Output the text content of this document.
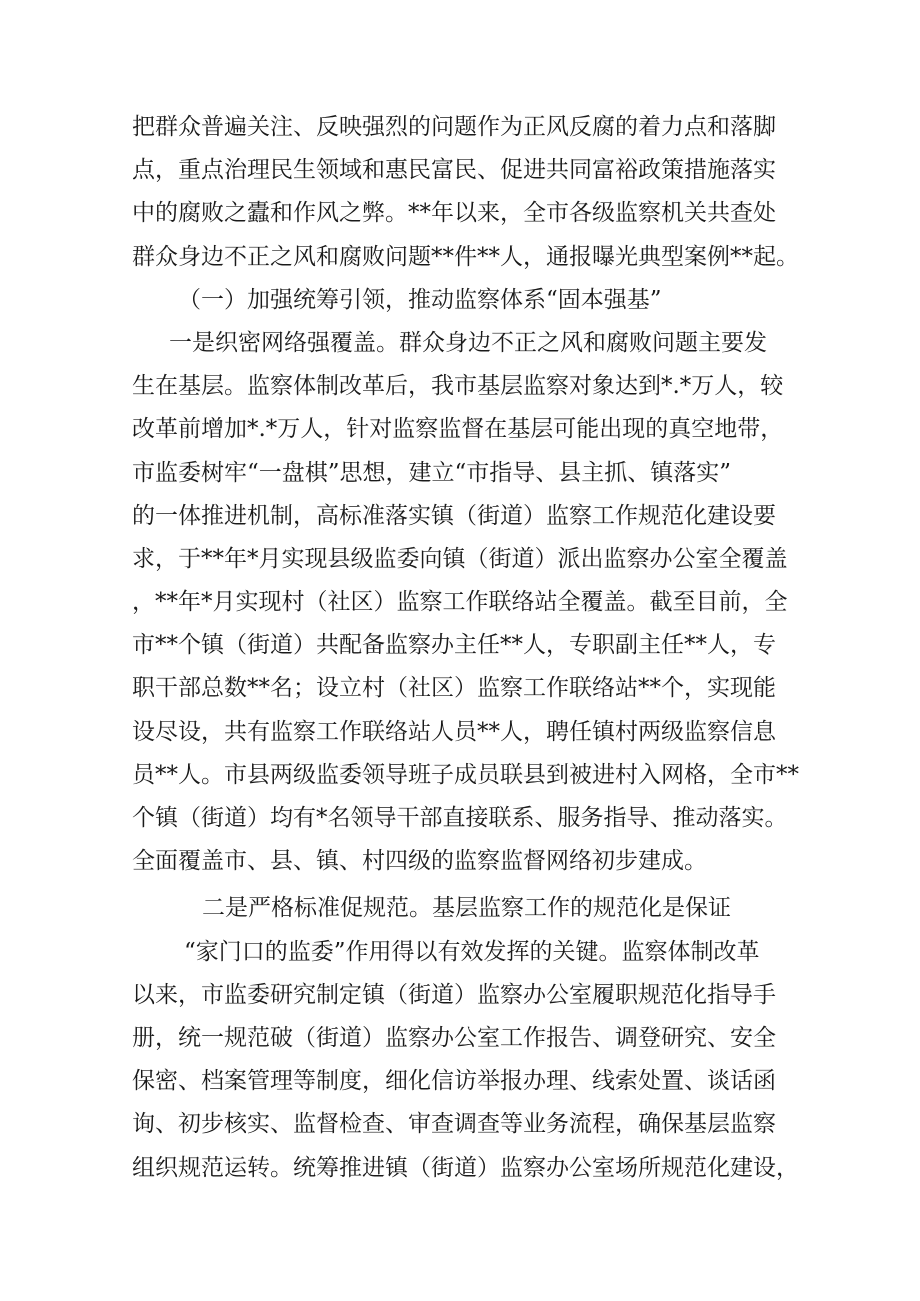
把群众普遍关注、反映强烈的问题作为正风反腐的着力点和落脚

点，重点治理民生领域和惠民富民、促进共同富裕政策措施落实

中的腐败之蠹和作风之弊。**年以来，全市各级监察机关共查处

群众身边不正之风和腐败问题**件**人，通报曝光典型案例**起。

（一）加强统筹引领，推动监察体系“固本强基”

一是织密网络强覆盖。群众身边不正之风和腐败问题主要发

生在基层。监察体制改革后，我市基层监察对象达到*.*万人，较

改革前增加*.*万人，针对监察监督在基层可能出现的真空地带，

市监委树牢“一盘棋”思想，建立“市指导、县主抓、镇落实”

的一体推进机制，高标准落实镇（街道）监察工作规范化建设要

求，于**年*月实现县级监委向镇（街道）派出监察办公室全覆盖

，**年*月实现村（社区）监察工作联络站全覆盖。截至目前，全

市**个镇（街道）共配备监察办主任**人，专职副主任**人，专

职干部总数**名；设立村（社区）监察工作联络站**个，实现能

设尽设，共有监察工作联络站人员**人，聘任镇村两级监察信息

员**人。市县两级监委领导班子成员联县到被进村入网格，全市**

个镇（街道）均有*名领导干部直接联系、服务指导、推动落实。

全面覆盖市、县、镇、村四级的监察监督网络初步建成。

二是严格标准促规范。基层监察工作的规范化是保证

“家门口的监委”作用得以有效发挥的关键。监察体制改革

以来，市监委研究制定镇（街道）监察办公室履职规范化指导手

册，统一规范破（街道）监察办公室工作报告、调登研究、安全

保密、档案管理等制度，细化信访举报办理、线索处置、谈话函

询、初步核实、监督检查、审查调查等业务流程，确保基层监察

组织规范运转。统筹推进镇（街道）监察办公室场所规范化建设，
